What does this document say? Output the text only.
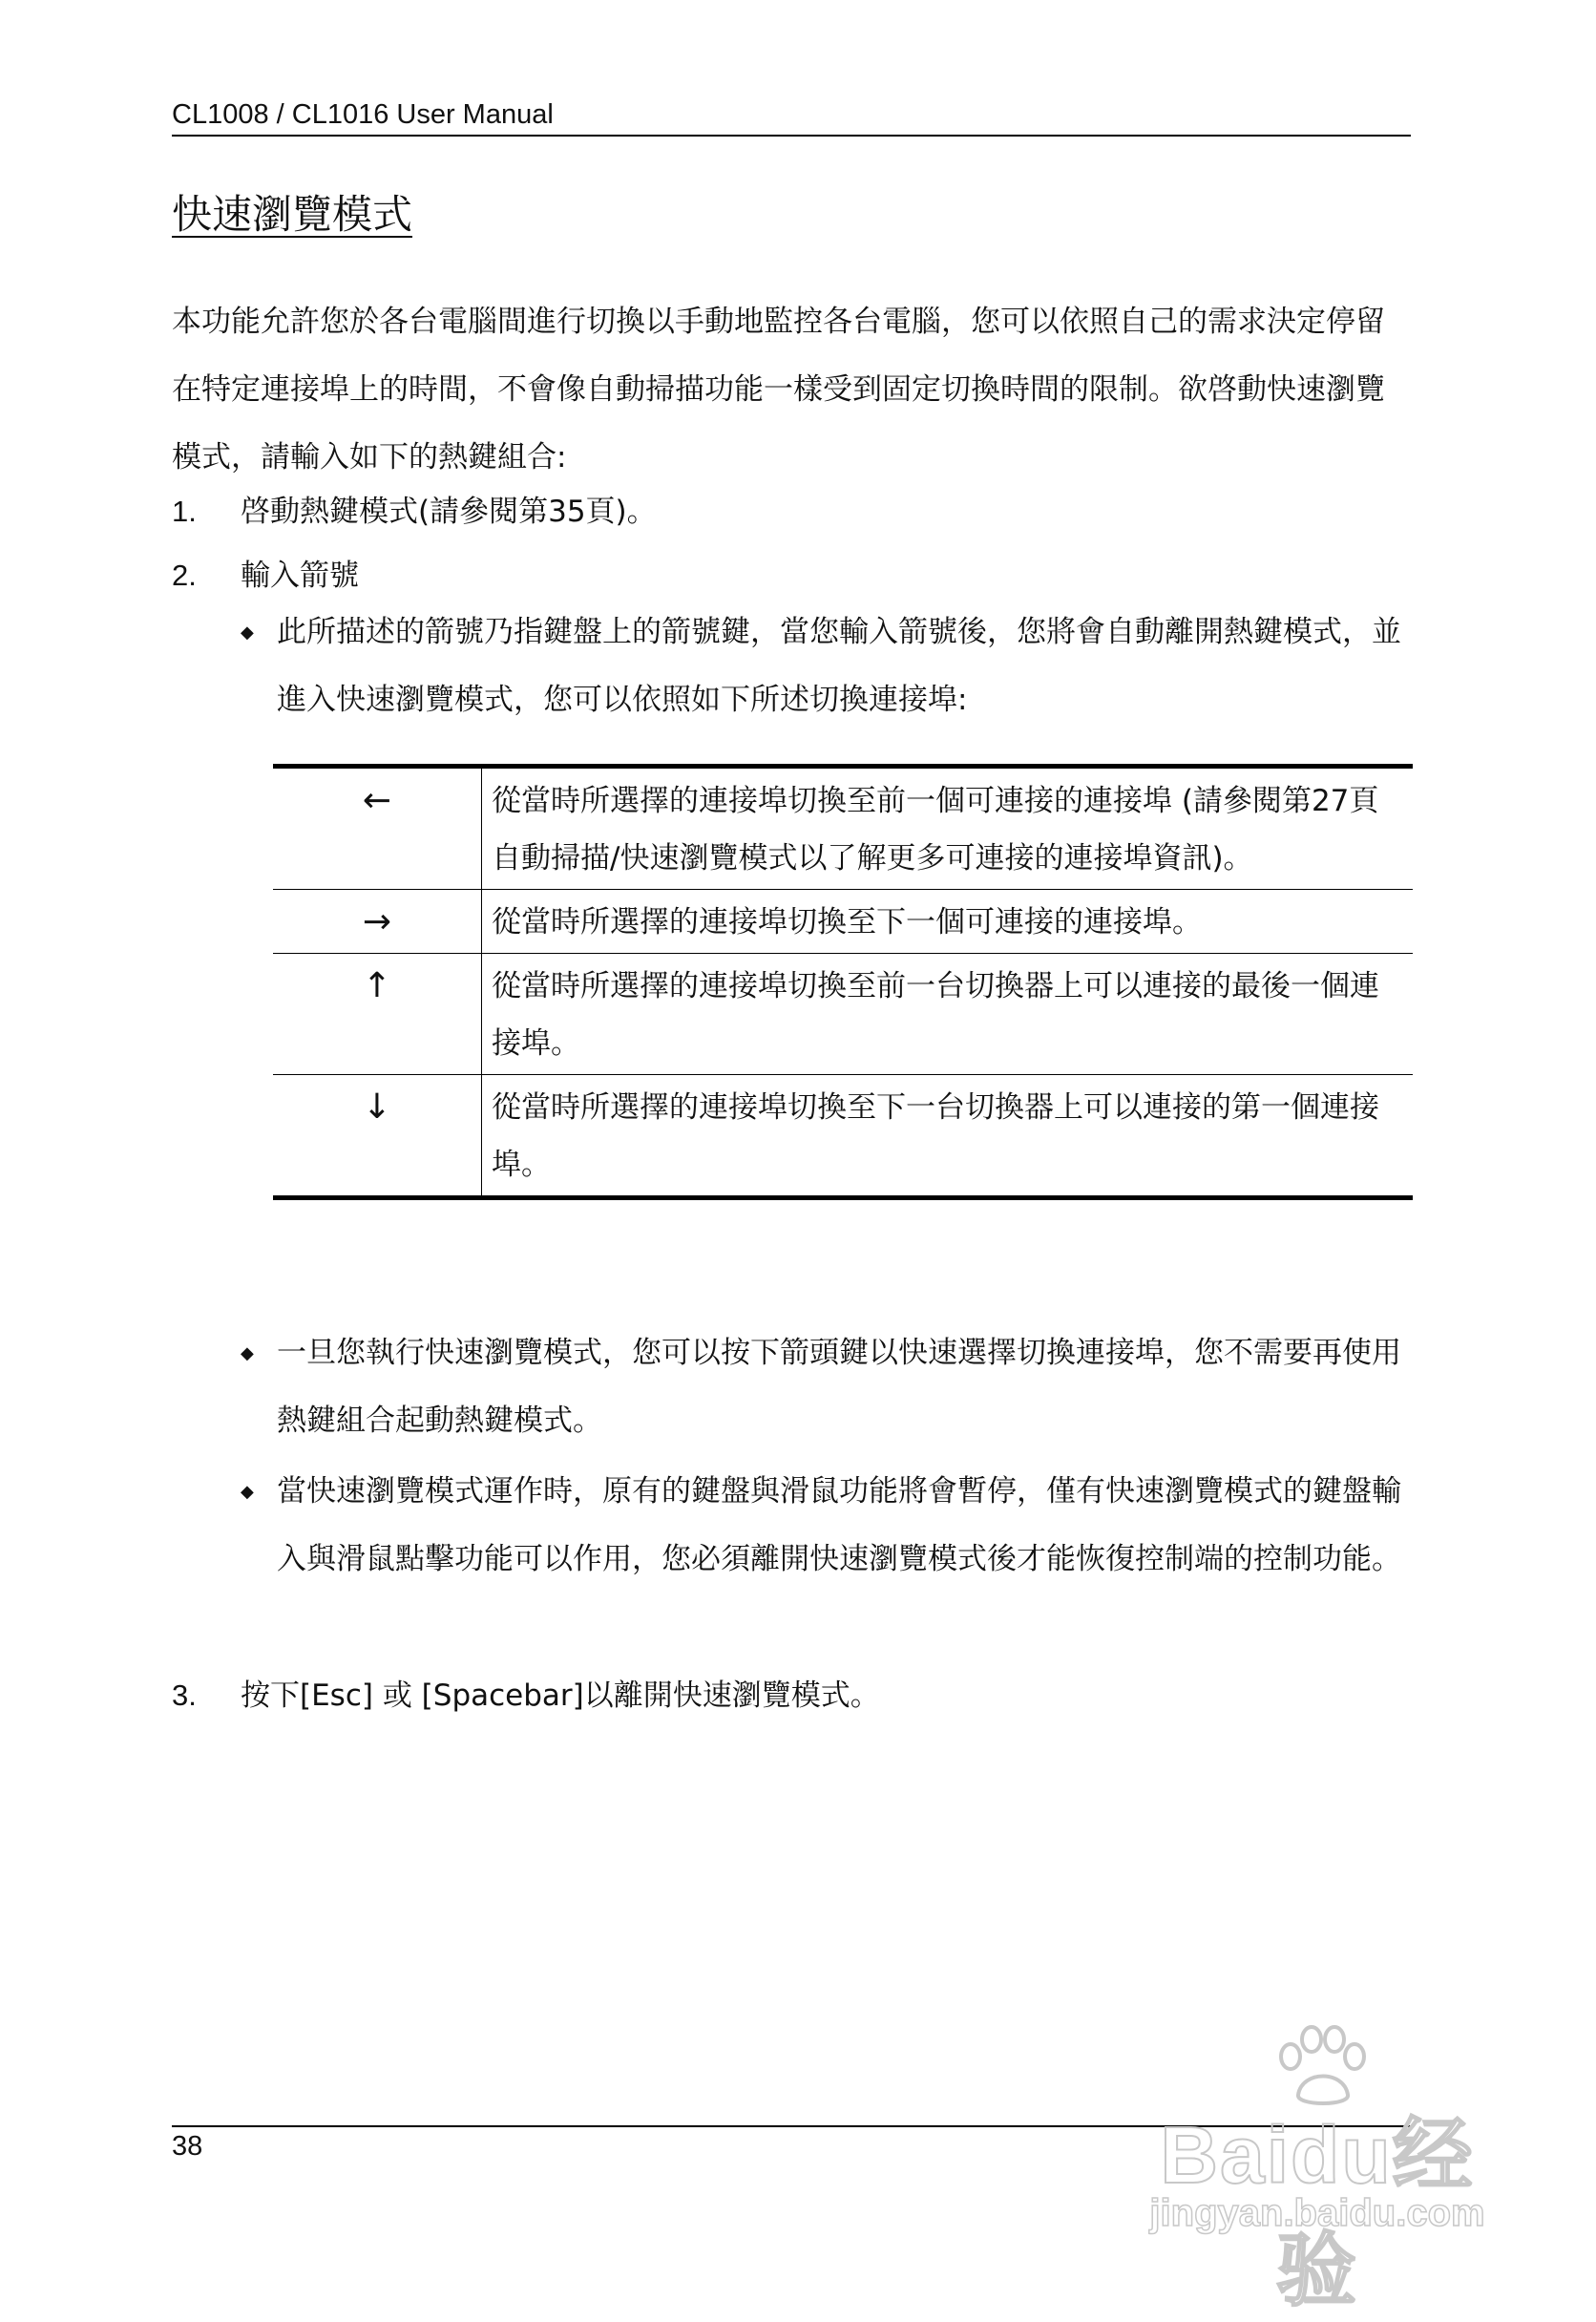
CL1008 / CL1016 User Manual
快速瀏覽模式

本功能允許您於各台電腦間進行切換以手動地監控各台電腦，您可以依照自己的需求決定停留在特定連接埠上的時間，不會像自動掃描功能一樣受到固定切換時間的限制。欲啓動快速瀏覽模式，請輸入如下的熱鍵組合:

1. 啓動熱鍵模式(請參閱第35頁)。
2. 輸入箭號
◆ 此所描述的箭號乃指鍵盤上的箭號鍵，當您輸入箭號後，您將會自動離開熱鍵模式，並進入快速瀏覽模式，您可以依照如下所述切換連接埠:
←	從當時所選擇的連接埠切換至前一個可連接的連接埠 (請參閱第27頁自動掃描/快速瀏覽模式以了解更多可連接的連接埠資訊)。
→	從當時所選擇的連接埠切換至下一個可連接的連接埠。
↑	從當時所選擇的連接埠切換至前一台切換器上可以連接的最後一個連接埠。
↓	從當時所選擇的連接埠切換至下一台切換器上可以連接的第一個連接埠。
◆ 一旦您執行快速瀏覽模式，您可以按下箭頭鍵以快速選擇切換連接埠，您不需要再使用熱鍵組合起動熱鍵模式。
◆ 當快速瀏覽模式運作時，原有的鍵盤與滑鼠功能將會暫停，僅有快速瀏覽模式的鍵盤輸入與滑鼠點擊功能可以作用，您必須離開快速瀏覽模式後才能恢復控制端的控制功能。
3. 按下[Esc] 或 [Spacebar]以離開快速瀏覽模式。
38	Baidu经验
jingyan.baidu.com
